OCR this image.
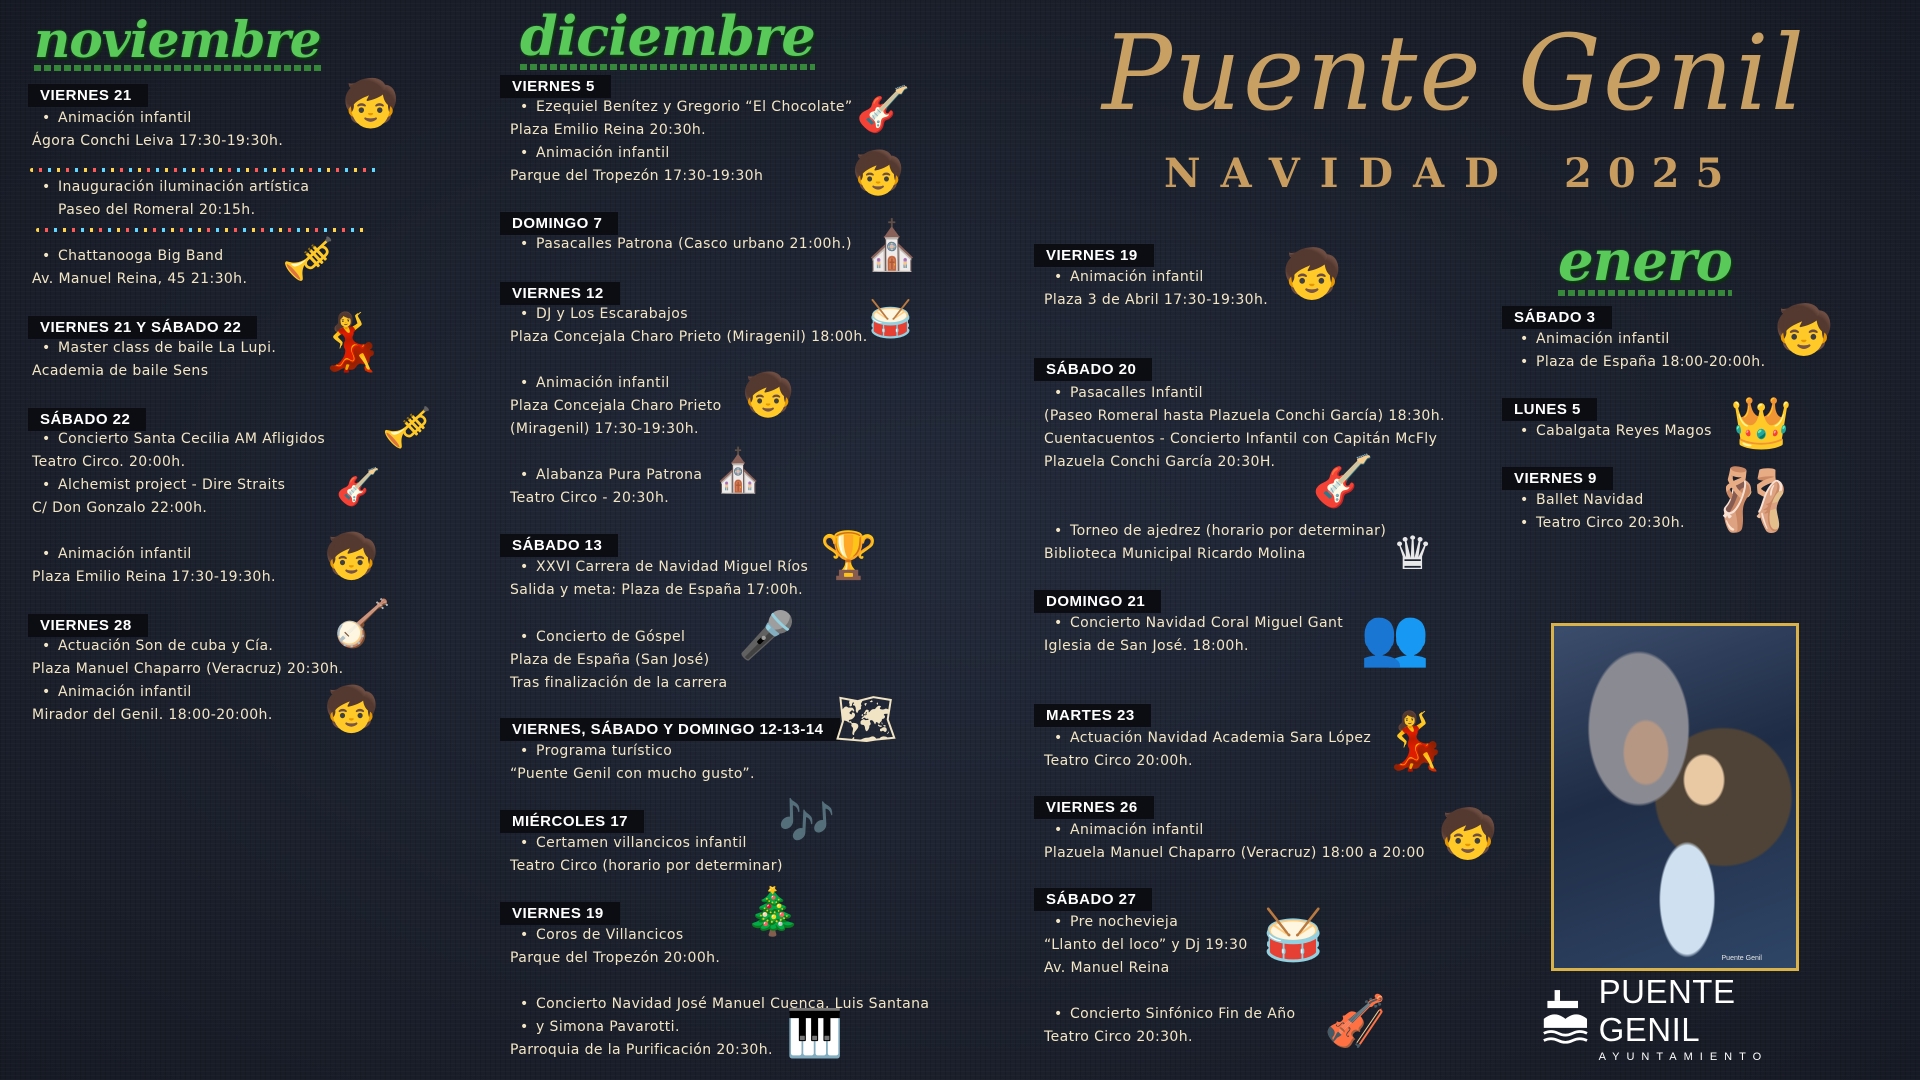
noviembre
VIERNES 21
• Animación infantil
Ágora Conchi Leiva 17:30-19:30h.
🧒
• Inauguración iluminación artística
Paseo del Romeral 20:15h.
• Chattanooga Big Band
Av. Manuel Reina, 45 21:30h. 🎺
VIERNES 21 Y SÁBADO 22
• Master class de baile La Lupi.
Academia de baile Sens	💃
SÁBADO 22
• Concierto Santa Cecilia AM Afligidos
Teatro Circo. 20:00h.
• Alchemist project - Dire Straits
C/ Don Gonzalo 22:00h.
🎺
🎸
• Animación infantil
Plaza Emilio Reina 17:30-19:30h. 🧒
VIERNES 28
• Actuación Son de cuba y Cía.
Plaza Manuel Chaparro (Veracruz) 20:30h.
• Animación infantil
Mirador del Genil. 18:00-20:00h.
🪕
🧒
diciembre
VIERNES 5
• Ezequiel Benítez y Gregorio “El Chocolate”
Plaza Emilio Reina 20:30h.
• Animación infantil
Parque del Tropezón 17:30-19:30h
🎸
🧒
DOMINGO 7
• Pasacalles Patrona (Casco urbano 21:00h.) ⛪
VIERNES 12
• DJ y Los Escarabajos
Plaza Concejala Charo Prieto (Miragenil) 18:00h. 🥁
• Animación infantil
Plaza Concejala Charo Prieto
(Miragenil) 17:30-19:30h.
🧒
• Alabanza Pura Patrona
Teatro Circo - 20:30h.
⛪
SÁBADO 13
• XXVI Carrera de Navidad Miguel Ríos
Salida y meta: Plaza de España 17:00h.
🏆
• Concierto de Góspel
Plaza de España (San José)
Tras finalización de la carrera
🎤
VIERNES, SÁBADO Y DOMINGO 12-13-14
• Programa turístico
“Puente Genil con mucho gusto”.
🗺
MIÉRCOLES 17
• Certamen villancicos infantil
Teatro Circo (horario por determinar)
🎶
VIERNES 19
• Coros de Villancicos
Parque del Tropezón 20:00h.
🎄
• Concierto Navidad José Manuel Cuenca, Luis Santana
• y Simona Pavarotti.
Parroquia de la Purificación 20:30h. 🎹
Puente Genil
NAVIDAD 2025
VIERNES 19
• Animación infantil
Plaza 3 de Abril 17:30-19:30h. 🧒
SÁBADO 20
• Pasacalles Infantil
(Paseo Romeral hasta Plazuela Conchi García) 18:30h.
Cuentacuentos - Concierto Infantil con Capitán McFly
Plazuela Conchi García 20:30H. 🎸
• Torneo de ajedrez (horario por determinar)
Biblioteca Municipal Ricardo Molina	♛
DOMINGO 21
• Concierto Navidad Coral Miguel Gant
Iglesia de San José. 18:00h.	👥
MARTES 23
• Actuación Navidad Academia Sara López
Teatro Circo 20:00h.	💃
VIERNES 26
• Animación infantil
Plazuela Manuel Chaparro (Veracruz) 18:00 a 20:00 🧒
SÁBADO 27
• Pre nochevieja
“Llanto del loco” y Dj 19:30
Av. Manuel Reina
🥁
• Concierto Sinfónico Fin de Año
Teatro Circo 20:30h.	🎻
enero
SÁBADO 3
• Animación infantil
• Plaza de España 18:00-20:00h.
🧒
LUNES 5
• Cabalgata Reyes Magos 👑
VIERNES 9
• Ballet Navidad
• Teatro Circo 20:30h. 🩰
Puente Genil
PUENTE GENIL
AYUNTAMIENTO
